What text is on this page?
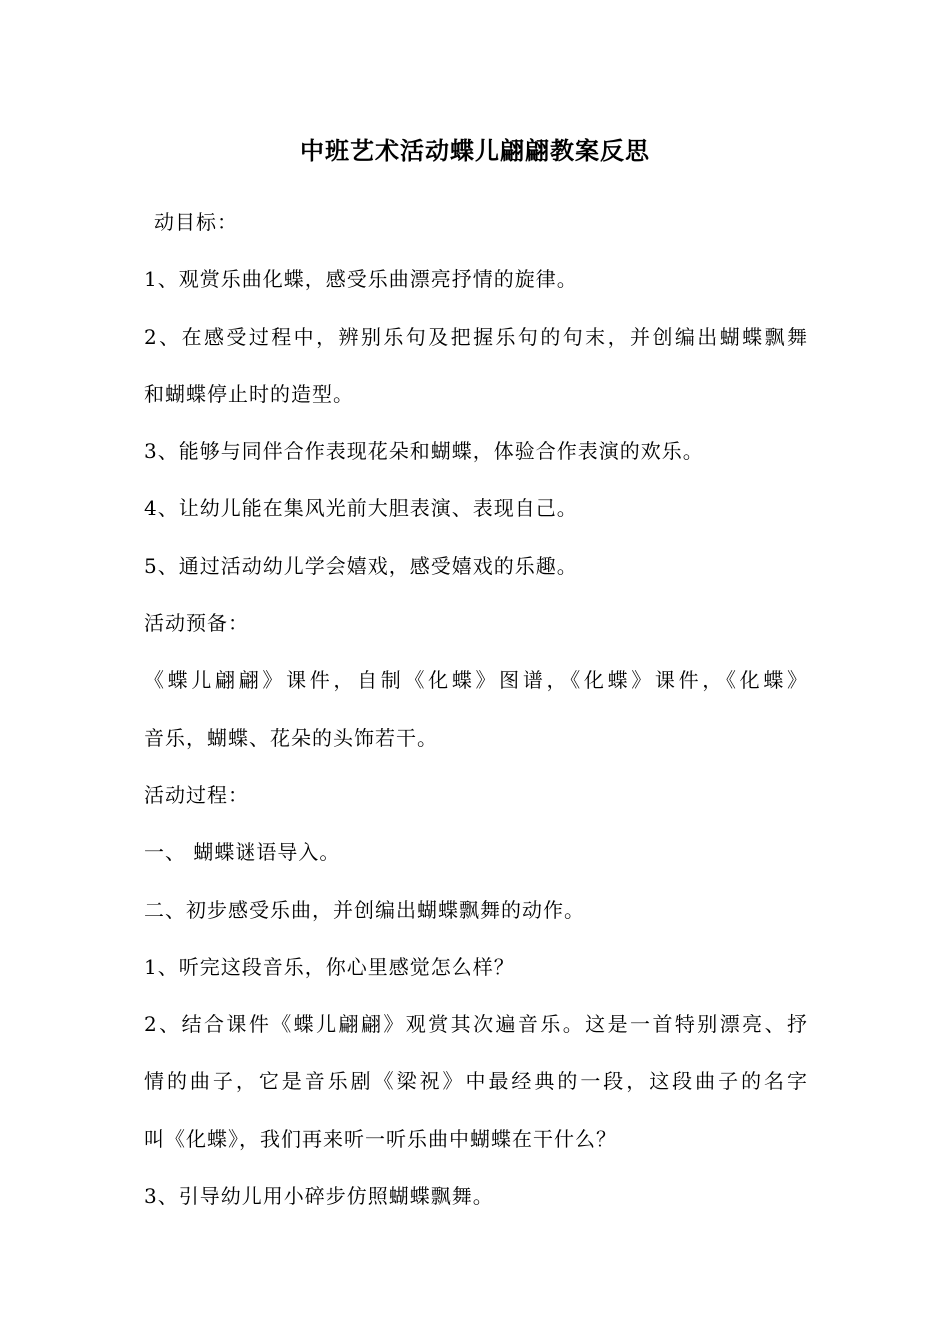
中班艺术活动蝶儿翩翩教案反思
动目标：
1、观赏乐曲化蝶，感受乐曲漂亮抒情的旋律。
2、在感受过程中，辨别乐句及把握乐句的句末，并创编出蝴蝶飘舞
和蝴蝶停止时的造型。
3、能够与同伴合作表现花朵和蝴蝶，体验合作表演的欢乐。
4、让幼儿能在集风光前大胆表演、表现自己。
5、通过活动幼儿学会嬉戏，感受嬉戏的乐趣。
活动预备：
《蝶儿翩翩》课件，自制《化蝶》图谱，《化蝶》课件，《化蝶》
音乐，蝴蝶、花朵的头饰若干。
活动过程：
一、 蝴蝶谜语导入。
二、初步感受乐曲，并创编出蝴蝶飘舞的动作。
1、听完这段音乐，你心里感觉怎么样？
2、结合课件《蝶儿翩翩》观赏其次遍音乐。这是一首特别漂亮、抒
情的曲子，它是音乐剧《梁祝》中最经典的一段，这段曲子的名字
叫《化蝶》，我们再来听一听乐曲中蝴蝶在干什么？
3、引导幼儿用小碎步仿照蝴蝶飘舞。
